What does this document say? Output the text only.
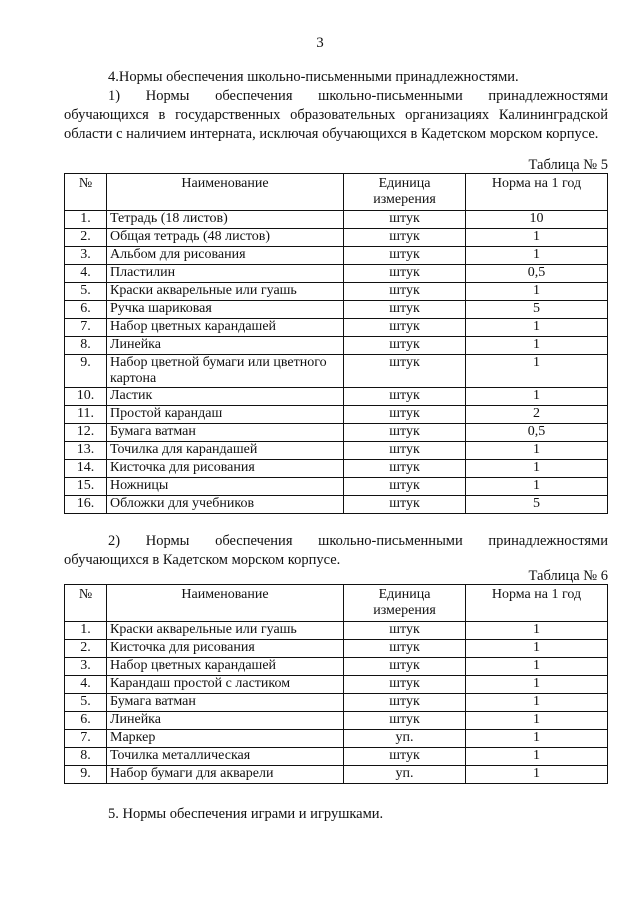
3
4.Нормы обеспечения школьно-письменными принадлежностями.

1) Нормы обеспечения школьно-письменными принадлежностями обучающихся в государственных образовательных организациях Калининградской области с наличием интерната, исключая обучающихся в Кадетском морском корпусе.

Таблица № 5
№	Наименование	Единица измерения	Норма на 1 год
1.	Тетрадь (18 листов)	штук	10
2.	Общая тетрадь (48 листов)	штук	1
3.	Альбом для рисования	штук	1
4.	Пластилин	штук	0,5
5.	Краски акварельные или гуашь	штук	1
6.	Ручка шариковая	штук	5
7.	Набор цветных карандашей	штук	1
8.	Линейка	штук	1
9.	Набор цветной бумаги или цветного картона	штук	1
10.	Ластик	штук	1
11.	Простой карандаш	штук	2
12.	Бумага ватман	штук	0,5
13.	Точилка для карандашей	штук	1
14.	Кисточка для рисования	штук	1
15.	Ножницы	штук	1
16.	Обложки для учебников	штук	5

2) Нормы обеспечения школьно-письменными принадлежностями обучающихся в Кадетском морском корпусе.

Таблица № 6
№	Наименование	Единица измерения	Норма на 1 год
1.	Краски акварельные или гуашь	штук	1
2.	Кисточка для рисования	штук	1
3.	Набор цветных карандашей	штук	1
4.	Карандаш простой с ластиком	штук	1
5.	Бумага ватман	штук	1
6.	Линейка	штук	1
7.	Маркер	уп.	1
8.	Точилка металлическая	штук	1
9.	Набор бумаги для акварели	уп.	1
5. Нормы обеспечения играми и игрушками.
